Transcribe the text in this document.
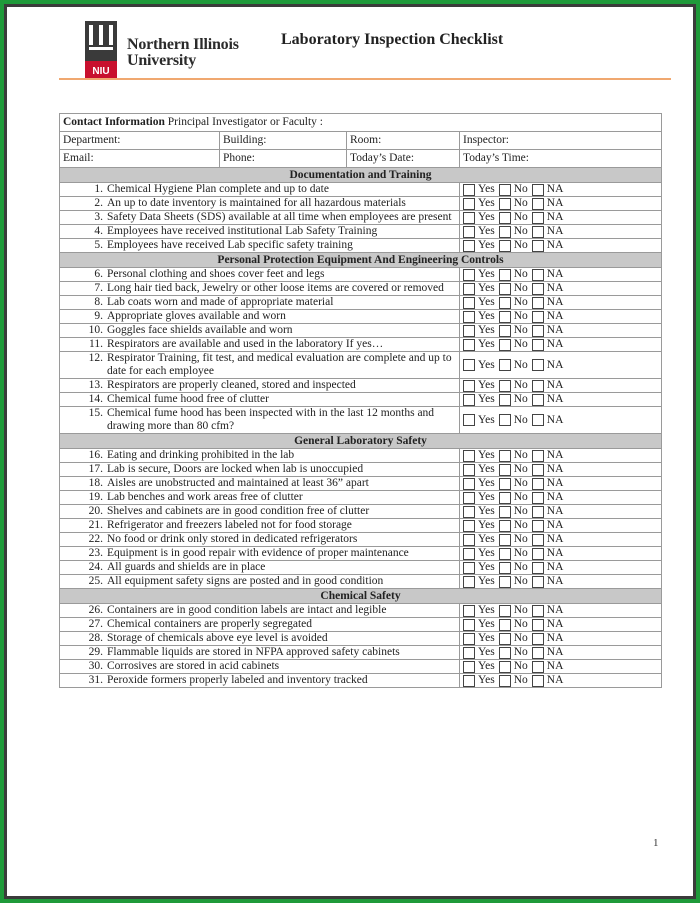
NIU
Northern Illinois
University
Laboratory Inspection Checklist
Contact Information Principal Investigator or Faculty :			
Department:	Building:	Room:	Inspector:
Email:	Phone:	Today’s Date:	Today’s Time:
Documentation and Training			

1. Chemical Hygiene Plan complete and up to date			Yes No NA

2. An up to date inventory is maintained for all hazardous materials			Yes No NA

3. Safety Data Sheets (SDS) available at all time when employees are present			Yes No NA

4. Employees have received institutional Lab Safety Training			Yes No NA

5. Employees have received Lab specific safety training			Yes No NA

Personal Protection Equipment And Engineering Controls			

6. Personal clothing and shoes cover feet and legs			Yes No NA

7. Long hair tied back, Jewelry or other loose items are covered or removed			Yes No NA

8. Lab coats worn and made of appropriate material			Yes No NA

9. Appropriate gloves available and worn			Yes No NA

10. Goggles face shields available and worn			Yes No NA

11. Respirators are available and used in the laboratory If yes…			Yes No NA

12. Respirator Training, fit test, and medical evaluation are complete and up to date for each employee			Yes No NA

13. Respirators are properly cleaned, stored and inspected			Yes No NA

14. Chemical fume hood free of clutter			Yes No NA

15. Chemical fume hood has been inspected with in the last 12 months and drawing more than 80 cfm?			Yes No NA

General Laboratory Safety			

16. Eating and drinking prohibited in the lab			Yes No NA

17. Lab is secure, Doors are locked when lab is unoccupied			Yes No NA

18. Aisles are unobstructed and maintained at least 36” apart			Yes No NA

19. Lab benches and work areas free of clutter			Yes No NA

20. Shelves and cabinets are in good condition free of clutter			Yes No NA

21. Refrigerator and freezers labeled not for food storage			Yes No NA

22. No food or drink only stored in dedicated refrigerators			Yes No NA

23. Equipment is in good repair with evidence of proper maintenance			Yes No NA

24. All guards and shields are in place			Yes No NA

25. All equipment safety signs are posted and in good condition			Yes No NA

Chemical Safety			

26. Containers are in good condition labels are intact and legible			Yes No NA

27. Chemical containers are properly segregated			Yes No NA

28. Storage of chemicals above eye level is avoided			Yes No NA

29. Flammable liquids are stored in NFPA approved safety cabinets			Yes No NA

30. Corrosives are stored in acid cabinets			Yes No NA

31. Peroxide formers properly labeled and inventory tracked			Yes No NA
1
